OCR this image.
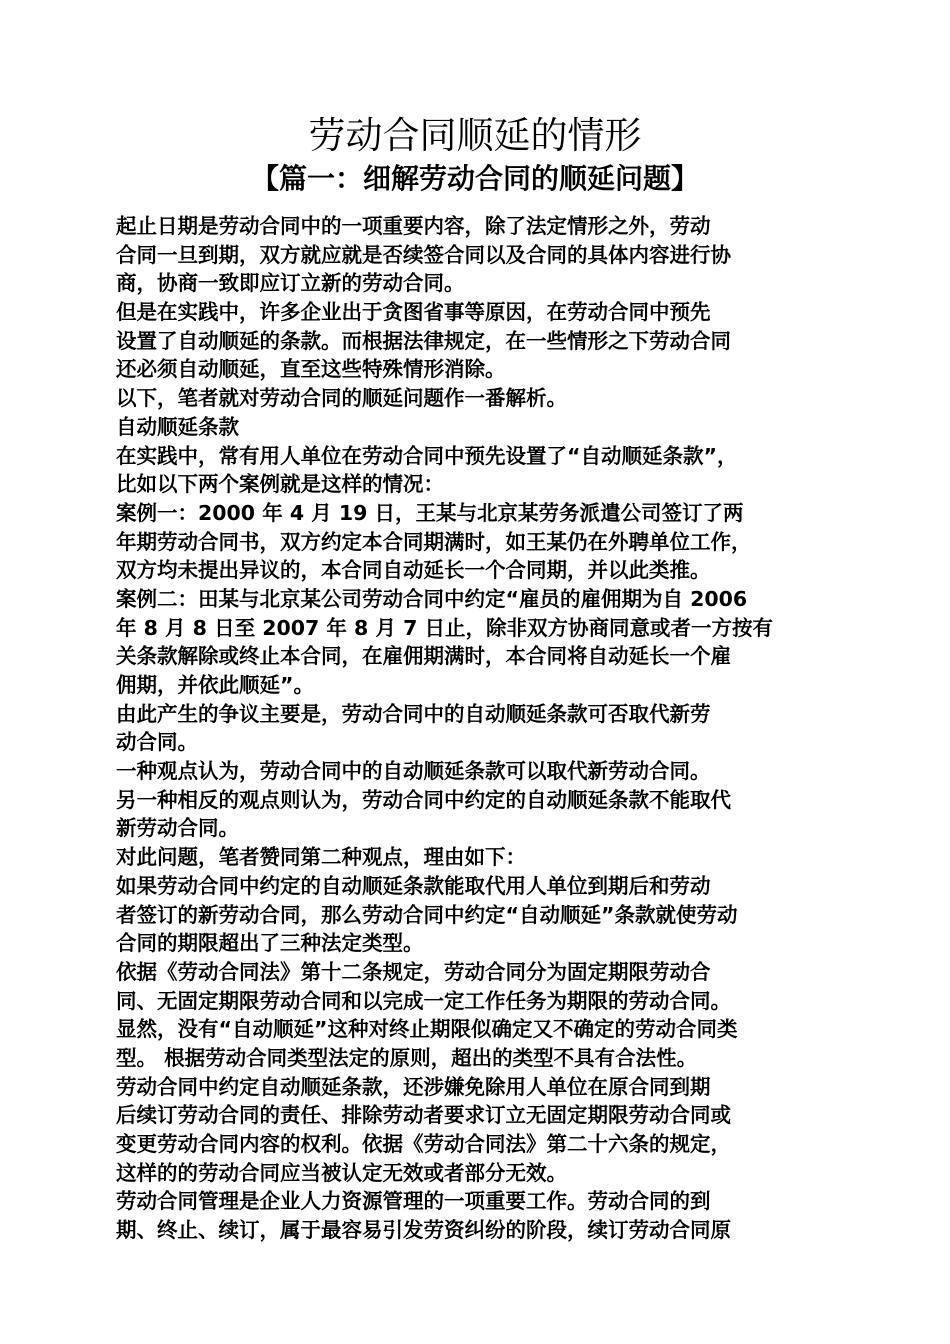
劳动合同顺延的情形
【篇一：细解劳动合同的顺延问题】
起止日期是劳动合同中的一项重要内容，除了法定情形之外，劳动
合同一旦到期，双方就应就是否续签合同以及合同的具体内容进行协
商，协商一致即应订立新的劳动合同。
但是在实践中，许多企业出于贪图省事等原因，在劳动合同中预先
设置了自动顺延的条款。而根据法律规定，在一些情形之下劳动合同
还必须自动顺延，直至这些特殊情形消除。
以下，笔者就对劳动合同的顺延问题作一番解析。
自动顺延条款
在实践中，常有用人单位在劳动合同中预先设置了“自动顺延条款”，
比如以下两个案例就是这样的情况：
案例一：2000 年 4 月 19 日，王某与北京某劳务派遣公司签订了两
年期劳动合同书，双方约定本合同期满时，如王某仍在外聘单位工作，
双方均未提出异议的，本合同自动延长一个合同期，并以此类推。
案例二：田某与北京某公司劳动合同中约定“雇员的雇佣期为自 2006
年 8 月 8 日至 2007 年 8 月 7 日止，除非双方协商同意或者一方按有
关条款解除或终止本合同，在雇佣期满时，本合同将自动延长一个雇
佣期，并依此顺延”。
由此产生的争议主要是，劳动合同中的自动顺延条款可否取代新劳
动合同。
一种观点认为，劳动合同中的自动顺延条款可以取代新劳动合同。
另一种相反的观点则认为，劳动合同中约定的自动顺延条款不能取代
新劳动合同。
对此问题，笔者赞同第二种观点，理由如下：
如果劳动合同中约定的自动顺延条款能取代用人单位到期后和劳动
者签订的新劳动合同，那么劳动合同中约定“自动顺延”条款就使劳动
合同的期限超出了三种法定类型。
依据《劳动合同法》第十二条规定，劳动合同分为固定期限劳动合
同、无固定期限劳动合同和以完成一定工作任务为期限的劳动合同。
显然，没有“自动顺延”这种对终止期限似确定又不确定的劳动合同类
型。 根据劳动合同类型法定的原则，超出的类型不具有合法性。
劳动合同中约定自动顺延条款，还涉嫌免除用人单位在原合同到期
后续订劳动合同的责任、排除劳动者要求订立无固定期限劳动合同或
变更劳动合同内容的权利。依据《劳动合同法》第二十六条的规定，
这样的的劳动合同应当被认定无效或者部分无效。
劳动合同管理是企业人力资源管理的一项重要工作。劳动合同的到
期、终止、续订，属于最容易引发劳资纠纷的阶段，续订劳动合同原
